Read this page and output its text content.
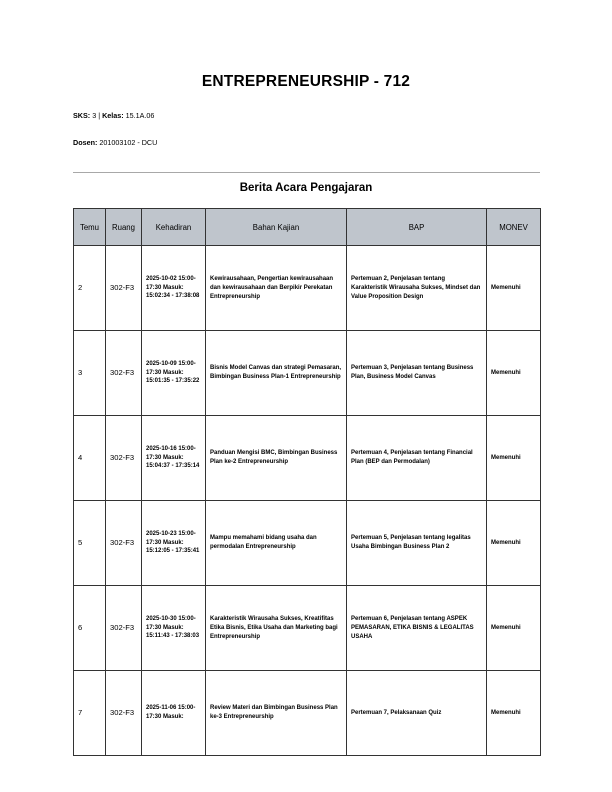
ENTREPRENEURSHIP - 712
SKS: 3 | Kelas: 15.1A.06
Dosen: 201003102 - DCU
Berita Acara Pengajaran
Temu	Ruang	Kehadiran	Bahan Kajian	BAP	MONEV
2	302-F3	2025-10-02 15:00-17:30 Masuk: 15:02:34 - 17:38:08	Kewirausahaan, Pengertian kewirausahaan dan kewirausahaan dan Berpikir Perekatan Entrepreneurship	Pertemuan 2, Penjelasan tentang Karakteristik Wirausaha Sukses, Mindset dan Value Proposition Design	Memenuhi
3	302-F3	2025-10-09 15:00-17:30 Masuk: 15:01:35 - 17:35:22	Bisnis Model Canvas dan strategi Pemasaran, Bimbingan Business Plan-1 Entrepreneurship	Pertemuan 3, Penjelasan tentang Business Plan, Business Model Canvas	Memenuhi
4	302-F3	2025-10-16 15:00-17:30 Masuk: 15:04:37 - 17:35:14	Panduan Mengisi BMC, Bimbingan Business Plan ke-2 Entrepreneurship	Pertemuan 4, Penjelasan tentang Financial Plan (BEP dan Permodalan)	Memenuhi
5	302-F3	2025-10-23 15:00-17:30 Masuk: 15:12:05 - 17:35:41	Mampu memahami bidang usaha dan permodalan Entrepreneurship	Pertemuan 5, Penjelasan tentang legalitas Usaha Bimbingan Business Plan 2	Memenuhi
6	302-F3	2025-10-30 15:00-17:30 Masuk: 15:11:43 - 17:38:03	Karakteristik Wirausaha Sukses, Kreatifitas Etika Bisnis, Etika Usaha dan Marketing bagi Entrepreneurship	Pertemuan 6, Penjelasan tentang ASPEK PEMASARAN, ETIKA BISNIS & LEGALITAS USAHA	Memenuhi
7	302-F3	2025-11-06 15:00-17:30 Masuk:	Review Materi dan Bimbingan Business Plan ke-3 Entrepreneurship	Pertemuan 7, Pelaksanaan Quiz	Memenuhi
